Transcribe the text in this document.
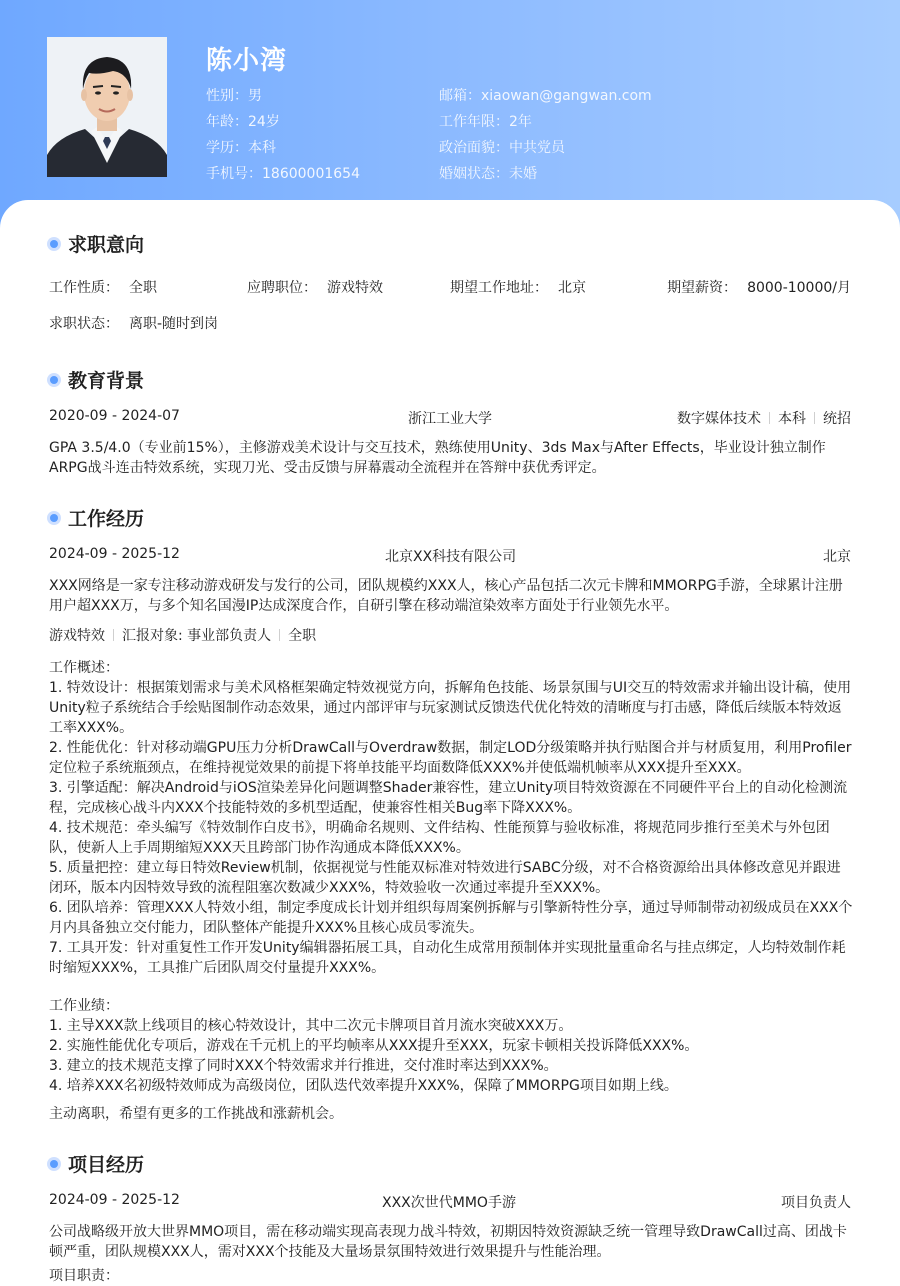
陈小湾
性别：男
年龄：24岁
学历：本科
手机号：18600001654
邮箱：xiaowan@gangwan.com
工作年限：2年
政治面貌：中共党员
婚姻状态：未婚
求职意向
工作性质： 全职	应聘职位： 游戏特效	期望工作地址： 北京	期望薪资： 8000-10000/月
求职状态： 离职-随时到岗
教育背景
2020-09 - 2024-07	浙江工业大学	数字媒体技术 本科 统招
GPA 3.5/4.0（专业前15%），主修游戏美术设计与交互技术，熟练使用Unity、3ds Max与After Effects，毕业设计独立制作ARPG战斗连击特效系统，实现刀光、受击反馈与屏幕震动全流程并在答辩中获优秀评定。
工作经历
2024-09 - 2025-12	北京XX科技有限公司	北京
XXX网络是一家专注移动游戏研发与发行的公司，团队规模约XXX人，核心产品包括二次元卡牌和MMORPG手游，全球累计注册用户超XXX万，与多个知名国漫IP达成深度合作，自研引擎在移动端渲染效率方面处于行业领先水平。
游戏特效 汇报对象: 事业部负责人 全职
工作概述：
1. 特效设计：根据策划需求与美术风格框架确定特效视觉方向，拆解角色技能、场景氛围与UI交互的特效需求并输出设计稿，使用Unity粒子系统结合手绘贴图制作动态效果，通过内部评审与玩家测试反馈迭代优化特效的清晰度与打击感，降低后续版本特效返工率XXX%。
2. 性能优化：针对移动端GPU压力分析DrawCall与Overdraw数据，制定LOD分级策略并执行贴图合并与材质复用，利用Profiler定位粒子系统瓶颈点，在维持视觉效果的前提下将单技能平均面数降低XXX%并使低端机帧率从XXX提升至XXX。
3. 引擎适配：解决Android与iOS渲染差异化问题调整Shader兼容性，建立Unity项目特效资源在不同硬件平台上的自动化检测流程，完成核心战斗内XXX个技能特效的多机型适配，使兼容性相关Bug率下降XXX%。
4. 技术规范：牵头编写《特效制作白皮书》，明确命名规则、文件结构、性能预算与验收标准，将规范同步推行至美术与外包团队，使新人上手周期缩短XXX天且跨部门协作沟通成本降低XXX%。
5. 质量把控：建立每日特效Review机制，依据视觉与性能双标准对特效进行SABC分级，对不合格资源给出具体修改意见并跟进闭环，版本内因特效导致的流程阻塞次数减少XXX%，特效验收一次通过率提升至XXX%。
6. 团队培养：管理XXX人特效小组，制定季度成长计划并组织每周案例拆解与引擎新特性分享，通过导师制带动初级成员在XXX个月内具备独立交付能力，团队整体产能提升XXX%且核心成员零流失。
7. 工具开发：针对重复性工作开发Unity编辑器拓展工具，自动化生成常用预制体并实现批量重命名与挂点绑定，人均特效制作耗时缩短XXX%，工具推广后团队周交付量提升XXX%。
工作业绩：
1. 主导XXX款上线项目的核心特效设计，其中二次元卡牌项目首月流水突破XXX万。
2. 实施性能优化专项后，游戏在千元机上的平均帧率从XXX提升至XXX，玩家卡顿相关投诉降低XXX%。
3. 建立的技术规范支撑了同时XXX个特效需求并行推进，交付准时率达到XXX%。
4. 培养XXX名初级特效师成为高级岗位，团队迭代效率提升XXX%，保障了MMORPG项目如期上线。
主动离职，希望有更多的工作挑战和涨薪机会。
项目经历
2024-09 - 2025-12	XXX次世代MMO手游	项目负责人
公司战略级开放大世界MMO项目，需在移动端实现高表现力战斗特效，初期因特效资源缺乏统一管理导致DrawCall过高、团战卡顿严重，团队规模XXX人，需对XXX个技能及大量场景氛围特效进行效果提升与性能治理。
项目职责：
